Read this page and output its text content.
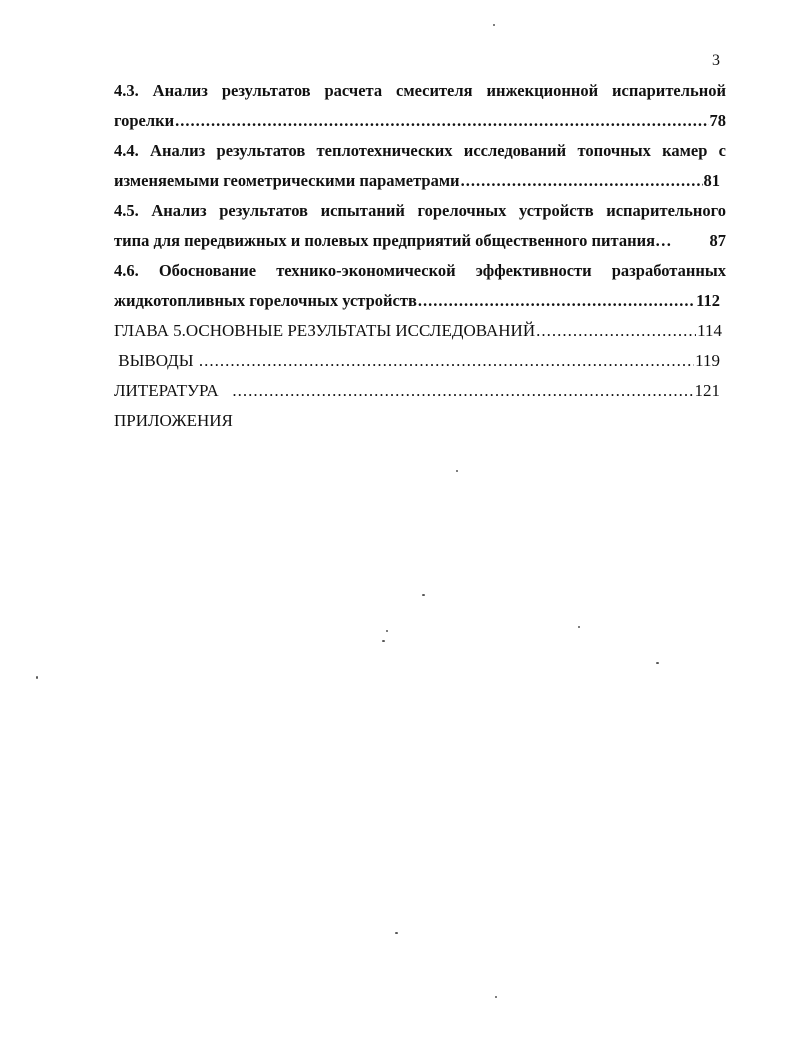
3
4.3. Анализ результатов расчета смесителя инжекционной испарительной
горелки .....	78
4.4. Анализ результатов теплотехнических исследований топочных камер с
изменяемыми геометрическими параметрами .....	81
4.5. Анализ результатов испытаний горелочных устройств испарительного
типа для передвижных и полевых предприятий общественного питания… 87
4.6. Обоснование технико-экономической эффективности разработанных
жидкотопливных горелочных устройств .....	112
ГЛАВА 5.ОСНОВНЫЕ РЕЗУЛЬТАТЫ ИССЛЕДОВАНИЙ .....	114
ВЫВОДЫ .....	119
ЛИТЕРАТУРА .....	121
ПРИЛОЖЕНИЯ
